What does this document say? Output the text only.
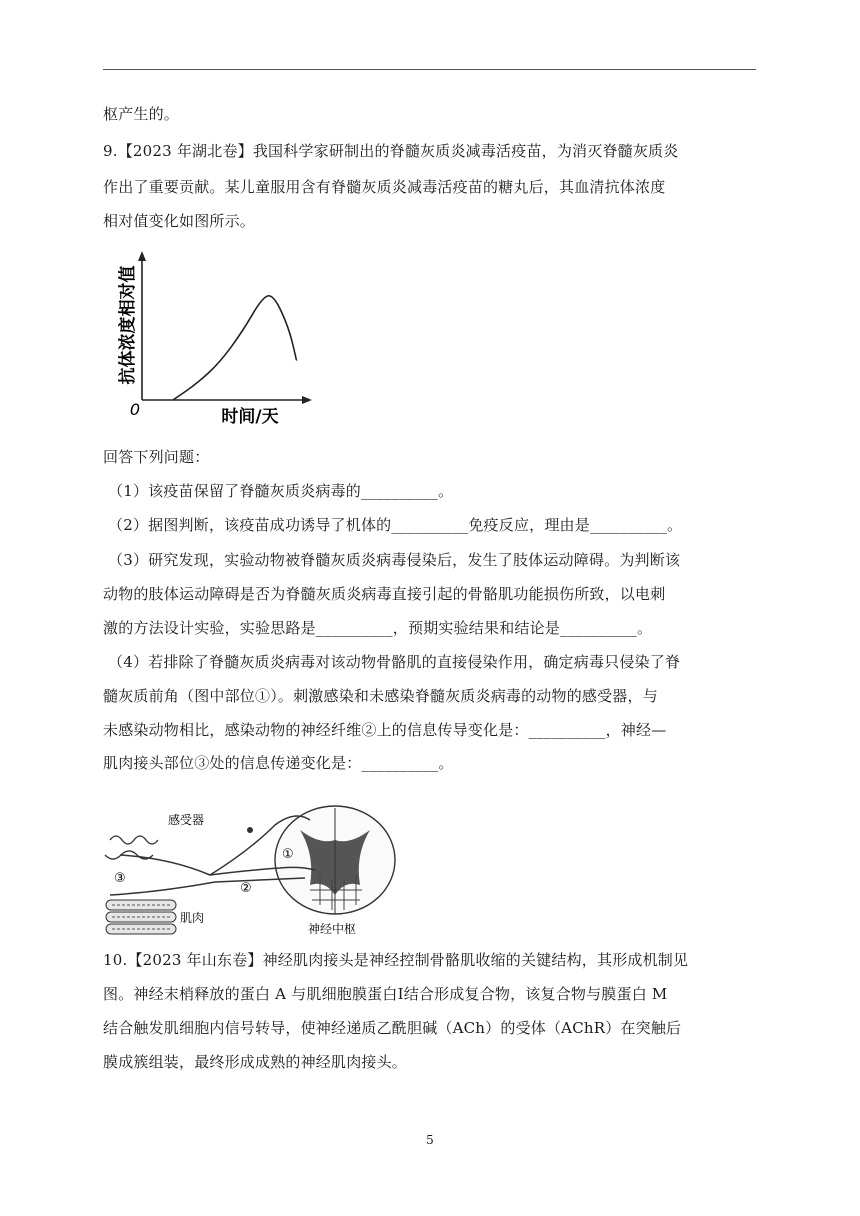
枢产生的。
9.【2023 年湖北卷】我国科学家研制出的脊髓灰质炎减毒活疫苗，为消灭脊髓灰质炎
作出了重要贡献。某儿童服用含有脊髓灰质炎减毒活疫苗的糖丸后，其血清抗体浓度
相对值变化如图所示。
0	时间/天
抗体浓度相对值
回答下列问题：
（1）该疫苗保留了脊髓灰质炎病毒的__________。
（2）据图判断，该疫苗成功诱导了机体的__________免疫反应，理由是__________。
（3）研究发现，实验动物被脊髓灰质炎病毒侵染后，发生了肢体运动障碍。为判断该
动物的肢体运动障碍是否为脊髓灰质炎病毒直接引起的骨骼肌功能损伤所致，以电刺
激的方法设计实验，实验思路是__________，预期实验结果和结论是__________。
（4）若排除了脊髓灰质炎病毒对该动物骨骼肌的直接侵染作用，确定病毒只侵染了脊
髓灰质前角（图中部位①）。刺激感染和未感染脊髓灰质炎病毒的动物的感受器，与
未感染动物相比，感染动物的神经纤维②上的信息传导变化是：__________，神经—
肌肉接头部位③处的信息传递变化是：__________。
感受器
肌肉
神经中枢
①
②
③
10.【2023 年山东卷】神经肌肉接头是神经控制骨骼肌收缩的关键结构，其形成机制见
图。神经末梢释放的蛋白 A 与肌细胞膜蛋白Ⅰ结合形成复合物，该复合物与膜蛋白 M
结合触发肌细胞内信号转导，使神经递质乙酰胆碱（ACh）的受体（AChR）在突触后
膜成簇组装，最终形成成熟的神经肌肉接头。
5
